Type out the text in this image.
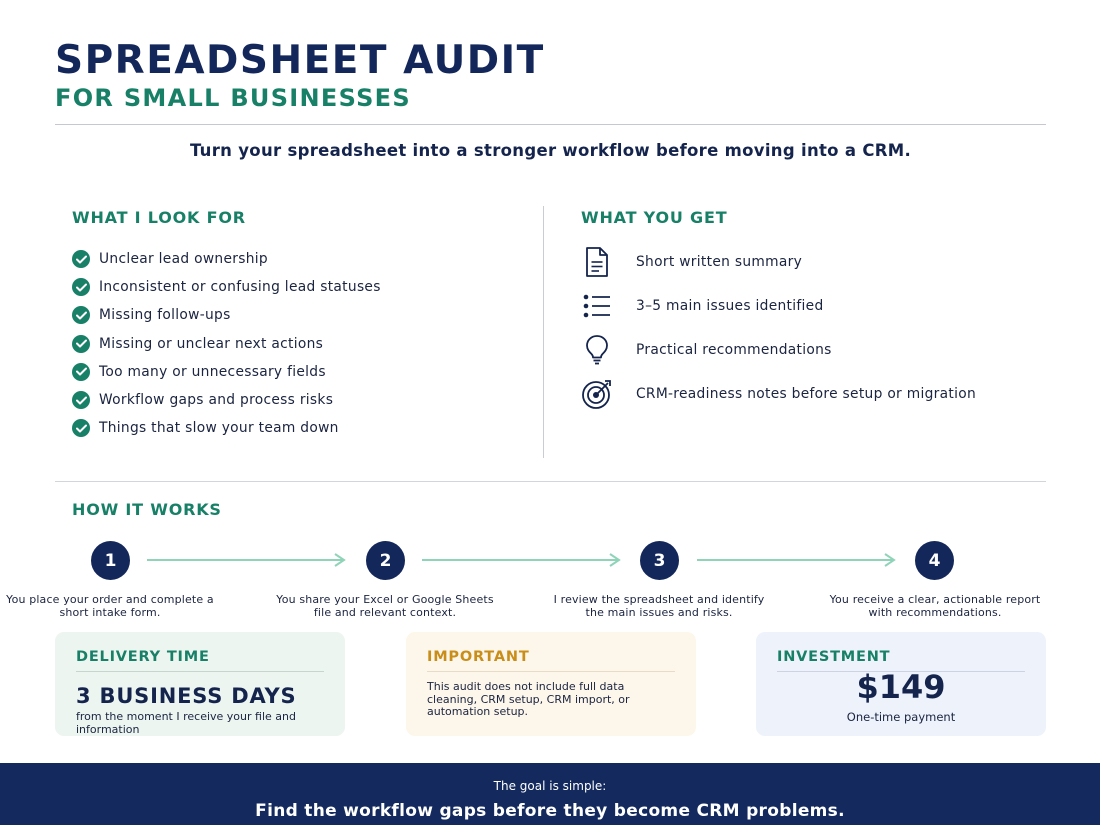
SPREADSHEET AUDIT
FOR SMALL BUSINESSES
Turn your spreadsheet into a stronger workflow before moving into a CRM.
WHAT I LOOK FOR
Unclear lead ownership
Inconsistent or confusing lead statuses
Missing follow-ups
Missing or unclear next actions
Too many or unnecessary fields
Workflow gaps and process risks
Things that slow your team down
WHAT YOU GET
Short written summary
3–5 main issues identified
Practical recommendations
CRM-readiness notes before setup or migration
HOW IT WORKS
1	2	3	4
You place your order and complete a short intake form.
You share your Excel or Google Sheets file and relevant context.
I review the spreadsheet and identify the main issues and risks.
You receive a clear, actionable report with recommendations.
DELIVERY TIME
3 BUSINESS DAYS
from the moment I receive your file and information
IMPORTANT
This audit does not include full data cleaning, CRM setup, CRM import, or automation setup.
INVESTMENT
$149
One-time payment
The goal is simple:
Find the workflow gaps before they become CRM problems.
